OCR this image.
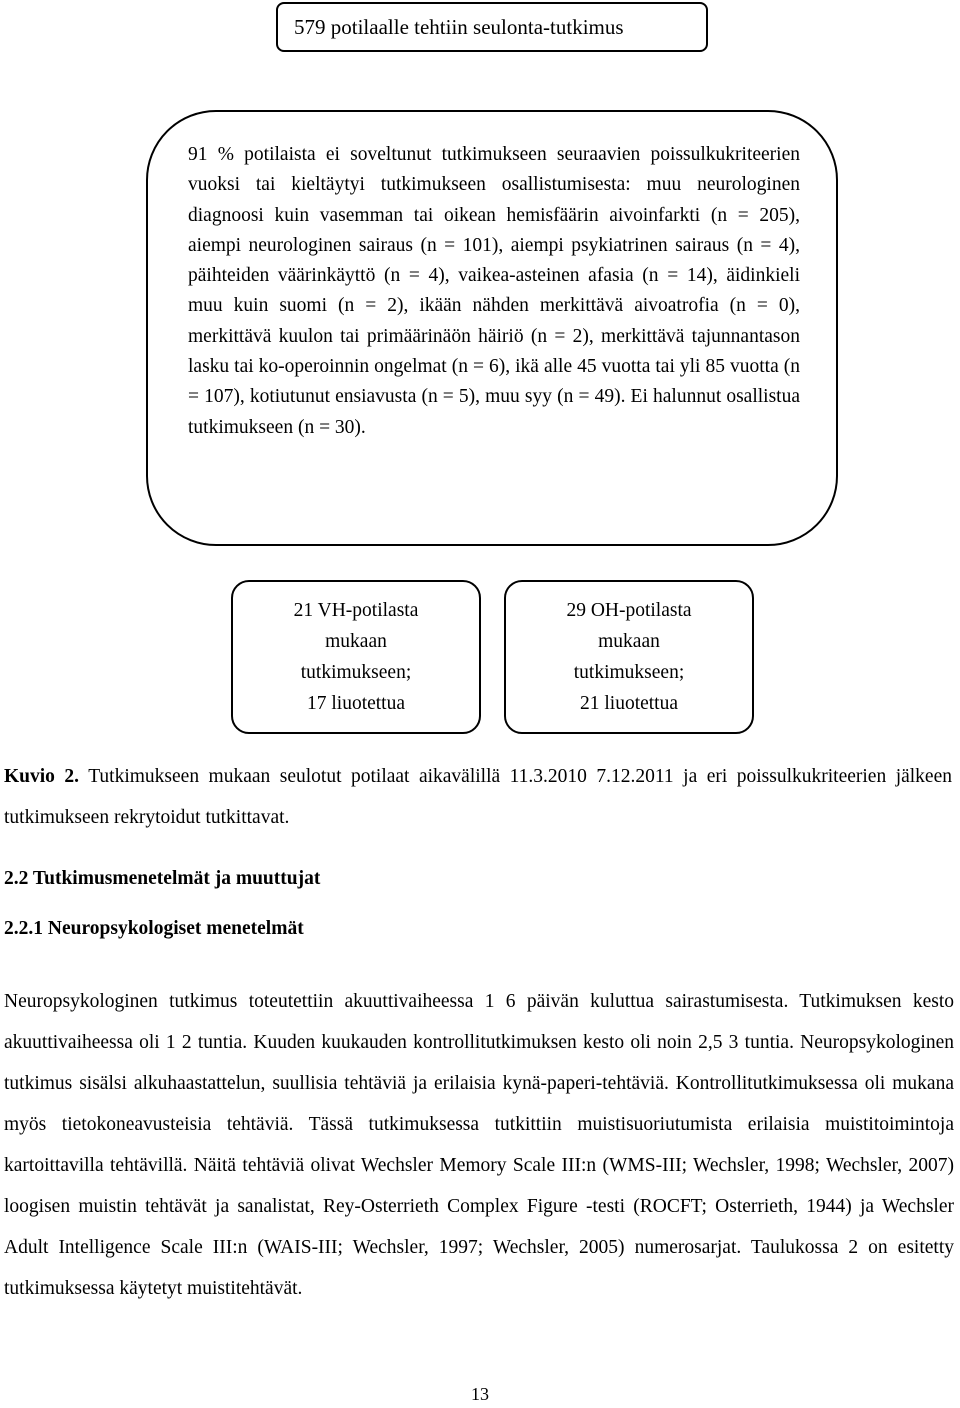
579 potilaalle tehtiin seulonta-tutkimus
91 % potilaista ei soveltunut tutkimukseen seuraavien poissulkukriteerien vuoksi tai kieltäytyi tutkimukseen osallistumisesta: muu neurologinen diagnoosi kuin vasemman tai oikean hemisfäärin aivoinfarkti (n = 205), aiempi neurologinen sairaus (n = 101), aiempi psykiatrinen sairaus (n = 4), päihteiden väärinkäyttö (n = 4), vaikea-asteinen afasia (n = 14), äidinkieli muu kuin suomi (n = 2), ikään nähden merkittävä aivoatrofia (n = 0), merkittävä kuulon tai primäärinäön häiriö (n = 2), merkittävä tajunnantason lasku tai ko-operoinnin ongelmat (n = 6), ikä alle 45 vuotta tai yli 85 vuotta (n = 107), kotiutunut ensiavusta (n = 5), muu syy (n = 49). Ei halunnut osallistua tutkimukseen (n = 30).
21 VH-potilasta
mukaan
tutkimukseen;
17 liuotettua
29 OH-potilasta
mukaan
tutkimukseen;
21 liuotettua
Kuvio 2. Tutkimukseen mukaan seulotut potilaat aikavälillä 11.3.2010 7.12.2011 ja eri poissulkukriteerien jälkeen tutkimukseen rekrytoidut tutkittavat.
2.2 Tutkimusmenetelmät ja muuttujat
2.2.1 Neuropsykologiset menetelmät
Neuropsykologinen tutkimus toteutettiin akuuttivaiheessa 1 6 päivän kuluttua sairastumisesta. Tutkimuksen kesto akuuttivaiheessa oli 1 2 tuntia. Kuuden kuukauden kontrollitutkimuksen kesto oli noin 2,5 3 tuntia. Neuropsykologinen tutkimus sisälsi alkuhaastattelun, suullisia tehtäviä ja erilaisia kynä-paperi-tehtäviä. Kontrollitutkimuksessa oli mukana myös tietokoneavusteisia tehtäviä. Tässä tutkimuksessa tutkittiin muistisuoriutumista erilaisia muistitoimintoja kartoittavilla tehtävillä. Näitä tehtäviä olivat Wechsler Memory Scale III:n (WMS-III; Wechsler, 1998; Wechsler, 2007) loogisen muistin tehtävät ja sanalistat, Rey-Osterrieth Complex Figure -testi (ROCFT; Osterrieth, 1944) ja Wechsler Adult Intelligence Scale III:n (WAIS-III; Wechsler, 1997; Wechsler, 2005) numerosarjat. Taulukossa 2 on esitetty tutkimuksessa käytetyt muistitehtävät.
13
